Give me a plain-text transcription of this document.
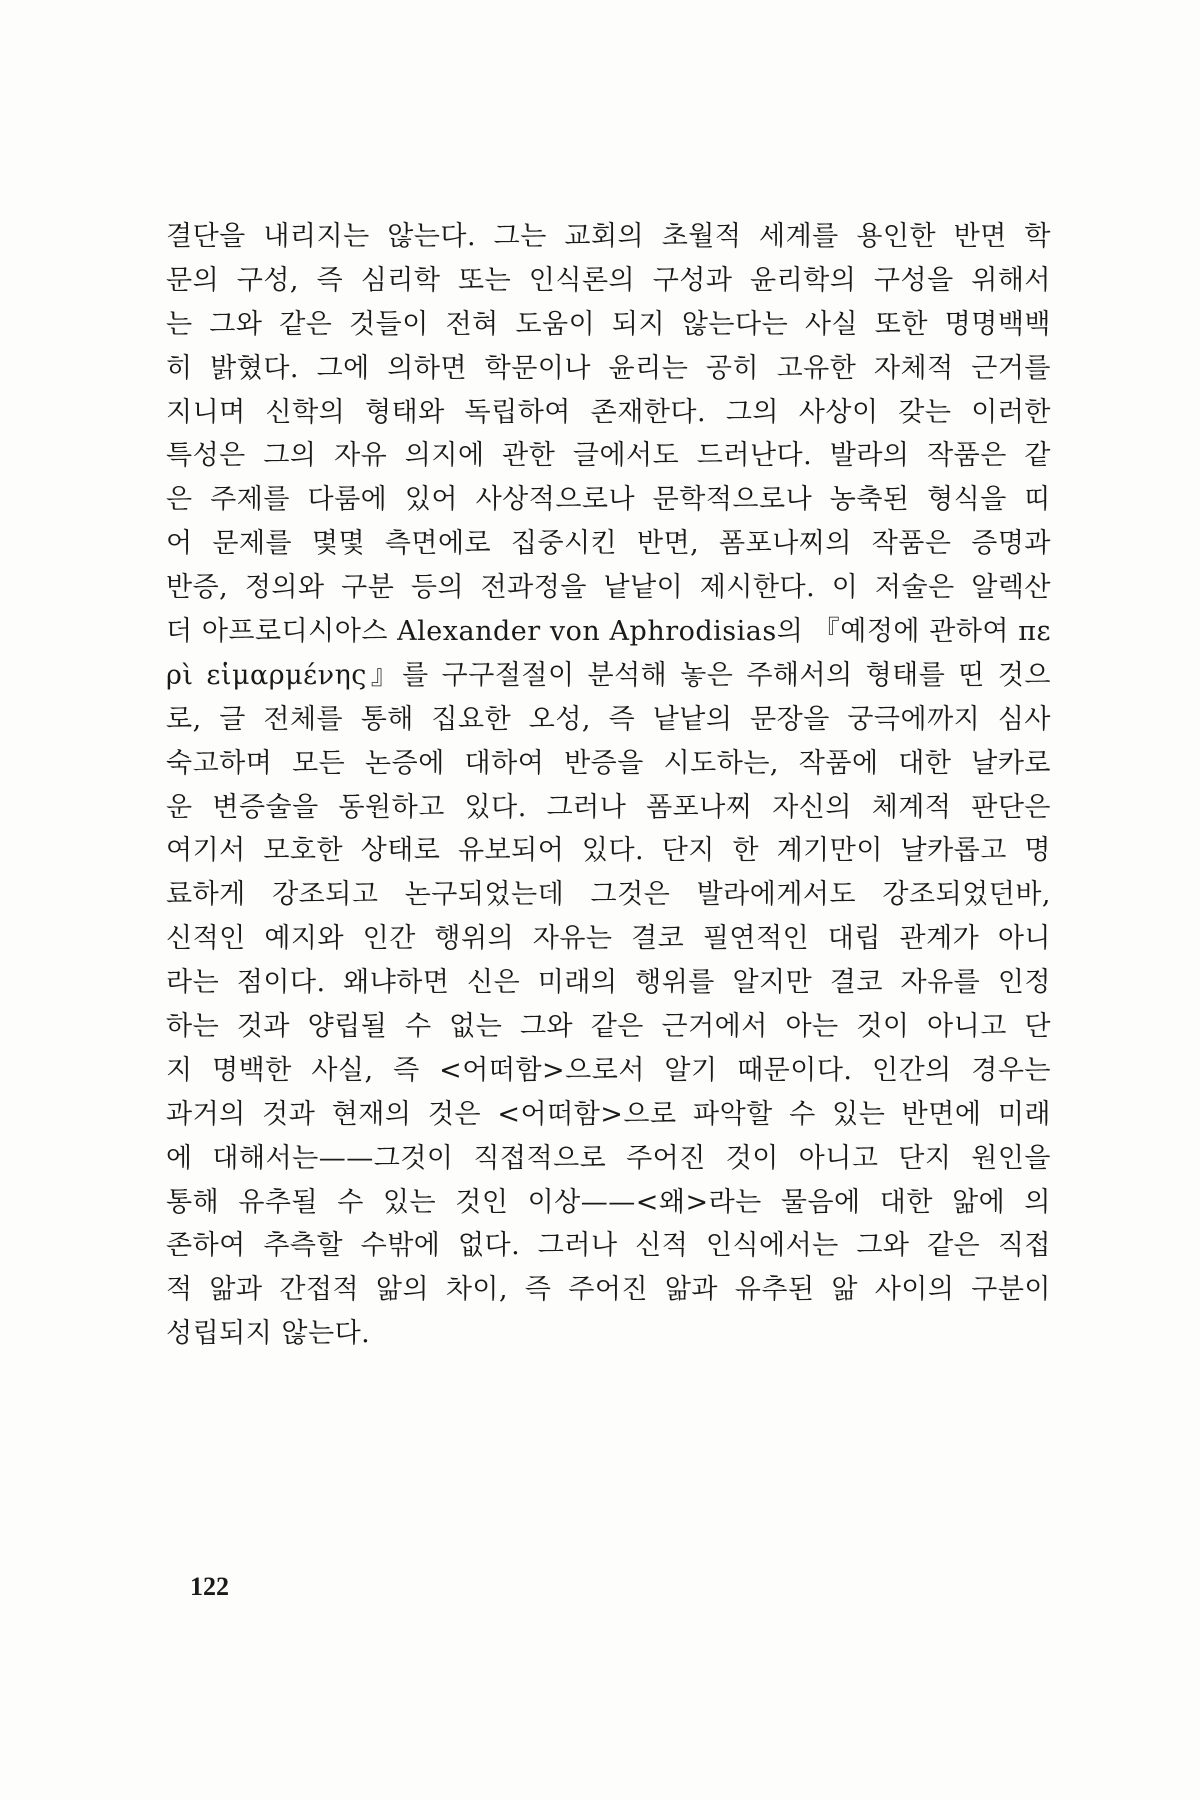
결단을 내리지는 않는다. 그는 교회의 초월적 세계를 용인한 반면 학
문의 구성, 즉 심리학 또는 인식론의 구성과 윤리학의 구성을 위해서
는 그와 같은 것들이 전혀 도움이 되지 않는다는 사실 또한 명명백백
히 밝혔다. 그에 의하면 학문이나 윤리는 공히 고유한 자체적 근거를
지니며 신학의 형태와 독립하여 존재한다. 그의 사상이 갖는 이러한
특성은 그의 자유 의지에 관한 글에서도 드러난다. 발라의 작품은 같
은 주제를 다룸에 있어 사상적으로나 문학적으로나 농축된 형식을 띠
어 문제를 몇몇 측면에로 집중시킨 반면, 폼포나찌의 작품은 증명과
반증, 정의와 구분 등의 전과정을 낱낱이 제시한다. 이 저술은 알렉산
더 아프로디시아스 Alexander von Aphrodisias의 『예정에 관하여 πε
ρὶ εἱμαρμένης』를 구구절절이 분석해 놓은 주해서의 형태를 띤 것으
로, 글 전체를 통해 집요한 오성, 즉 낱낱의 문장을 궁극에까지 심사
숙고하며 모든 논증에 대하여 반증을 시도하는, 작품에 대한 날카로
운 변증술을 동원하고 있다. 그러나 폼포나찌 자신의 체계적 판단은
여기서 모호한 상태로 유보되어 있다. 단지 한 계기만이 날카롭고 명
료하게 강조되고 논구되었는데 그것은 발라에게서도 강조되었던바,
신적인 예지와 인간 행위의 자유는 결코 필연적인 대립 관계가 아니
라는 점이다. 왜냐하면 신은 미래의 행위를 알지만 결코 자유를 인정
하는 것과 양립될 수 없는 그와 같은 근거에서 아는 것이 아니고 단
지 명백한 사실, 즉 <어떠함>으로서 알기 때문이다. 인간의 경우는
과거의 것과 현재의 것은 <어떠함>으로 파악할 수 있는 반면에 미래
에 대해서는——그것이 직접적으로 주어진 것이 아니고 단지 원인을
통해 유추될 수 있는 것인 이상——<왜>라는 물음에 대한 앎에 의
존하여 추측할 수밖에 없다. 그러나 신적 인식에서는 그와 같은 직접
적 앎과 간접적 앎의 차이, 즉 주어진 앎과 유추된 앎 사이의 구분이
성립되지 않는다.
122
